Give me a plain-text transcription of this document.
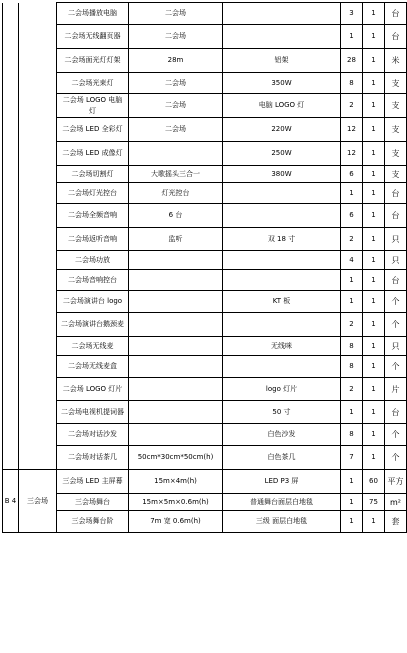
		二会场播放电脑	二会场		3	1	台
		二会场无线翻页器	二会场		1	1	台
		二会场面光灯灯架	28m	铝架	28	1	米
		二会场光束灯	二会场	350W	8	1	支
		二会场 LOGO 电脑灯	二会场	电脑 LOGO 灯	2	1	支
		二会场 LED 全彩灯	二会场	220W	12	1	支
		二会场 LED 成像灯		250W	12	1	支
		二会场切割灯	大歌摇头三合一	380W	6	1	支
		二会场灯光控台	灯光控台		1	1	台
		二会场全频音响	6 台		6	1	台
		二会场返听音响	监听	双 18 寸	2	1	只
		二会场功放			4	1	只
		二会场音响控台			1	1	台
		二会场演讲台 logo		KT 板	1	1	个
		二会场演讲台鹅颈麦			2	1	个
		二会场无线麦		无线咪	8	1	只
		二会场无线麦盒			8	1	个
		二会场 LOGO 灯片		logo 灯片	2	1	片
		二会场电视机提词器		50 寸	1	1	台
		二会场对话沙发		白色沙发	8	1	个
		二会场对话茶几	50cm*30cm*50cm(h)	白色茶几	7	1	个
B 4	三会场	三会场 LED 主屏幕	15m×4m(h)	LED P3 屏	1	60	平方
		三会场舞台	15m×5m×0.6m(h)	普通舞台面层白地毯	1	75	m²
		三会场舞台阶	7m 宽 0.6m(h)	三级 面层白地毯	1	1	套
